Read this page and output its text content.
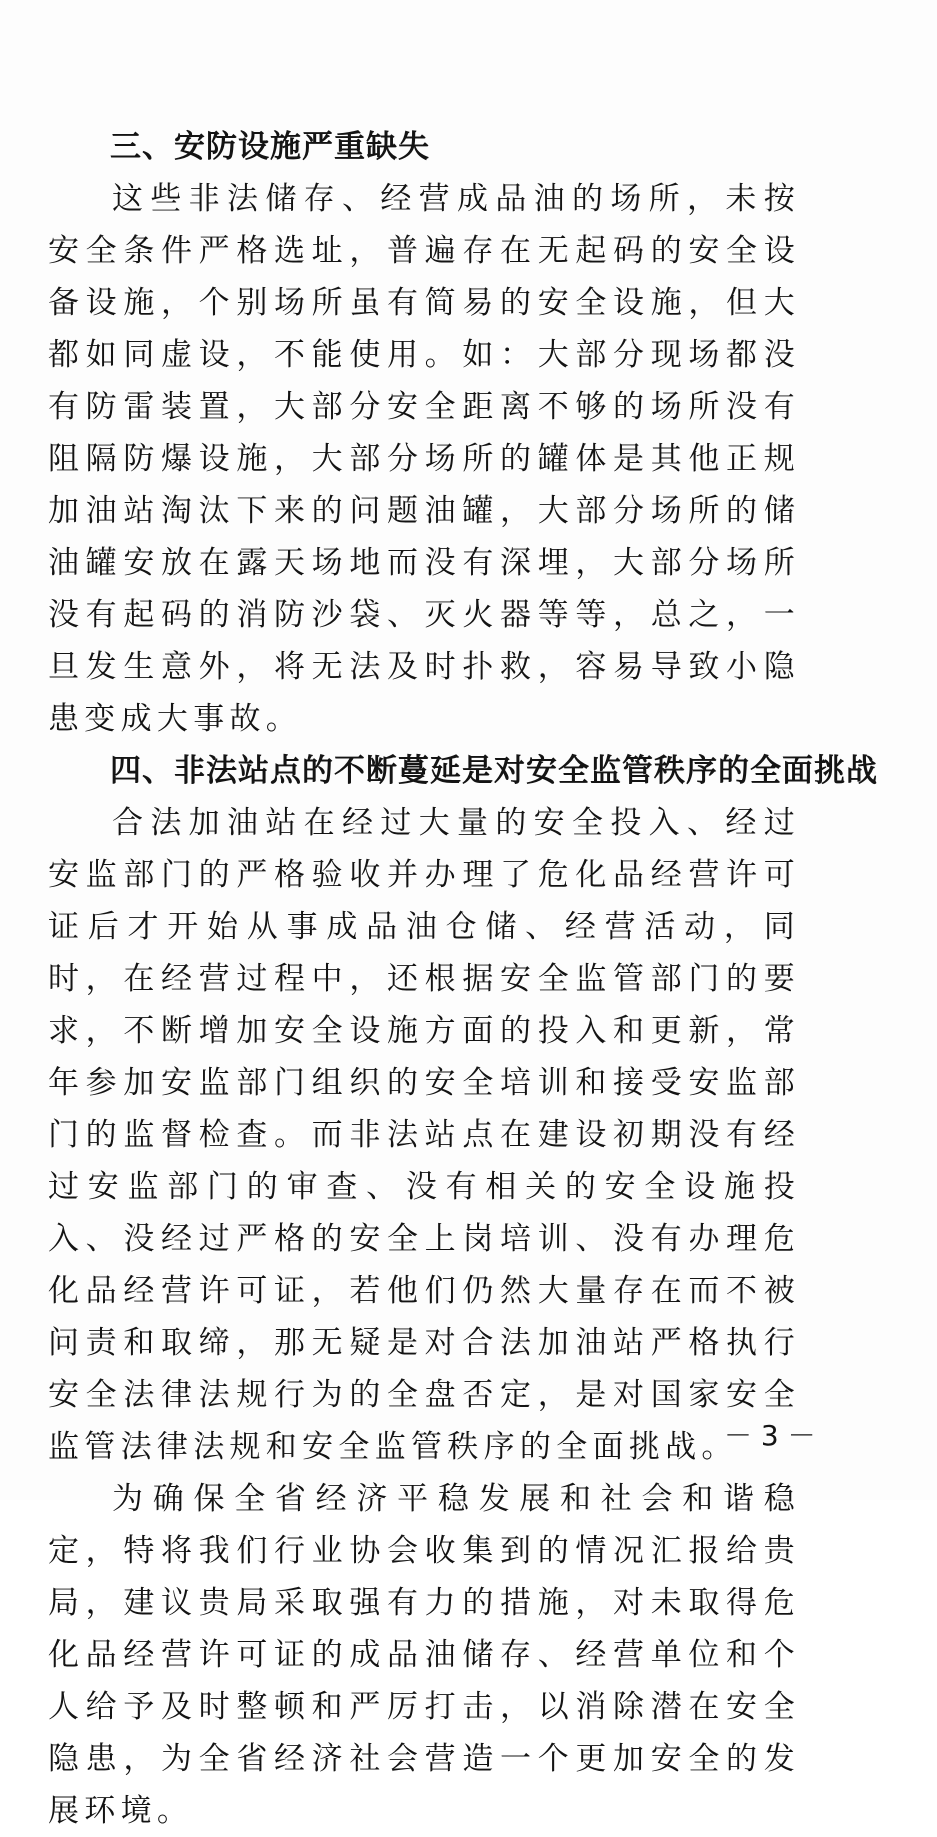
三、安防设施严重缺失

这些非法储存、经营成品油的场所，未按安全条件严格选址，普遍存在无起码的安全设备设施，个别场所虽有简易的安全设施，但大都如同虚设，不能使用。如：大部分现场都没有防雷装置，大部分安全距离不够的场所没有阻隔防爆设施，大部分场所的罐体是其他正规加油站淘汰下来的问题油罐，大部分场所的储油罐安放在露天场地而没有深埋，大部分场所没有起码的消防沙袋、灭火器等等，总之，一旦发生意外，将无法及时扑救，容易导致小隐患变成大事故。

四、非法站点的不断蔓延是对安全监管秩序的全面挑战

合法加油站在经过大量的安全投入、经过安监部门的严格验收并办理了危化品经营许可证后才开始从事成品油仓储、经营活动，同时，在经营过程中，还根据安全监管部门的要求，不断增加安全设施方面的投入和更新，常年参加安监部门组织的安全培训和接受安监部门的监督检查。而非法站点在建设初期没有经过安监部门的审查、没有相关的安全设施投入、没经过严格的安全上岗培训、没有办理危化品经营许可证，若他们仍然大量存在而不被问责和取缔，那无疑是对合法加油站严格执行安全法律法规行为的全盘否定，是对国家安全监管法律法规和安全监管秩序的全面挑战。

为确保全省经济平稳发展和社会和谐稳定，特将我们行业协会收集到的情况汇报给贵局，建议贵局采取强有力的措施，对未取得危化品经营许可证的成品油储存、经营单位和个人给予及时整顿和严厉打击，以消除潜在安全隐患，为全省经济社会营造一个更加安全的发展环境。

－ 3 －
